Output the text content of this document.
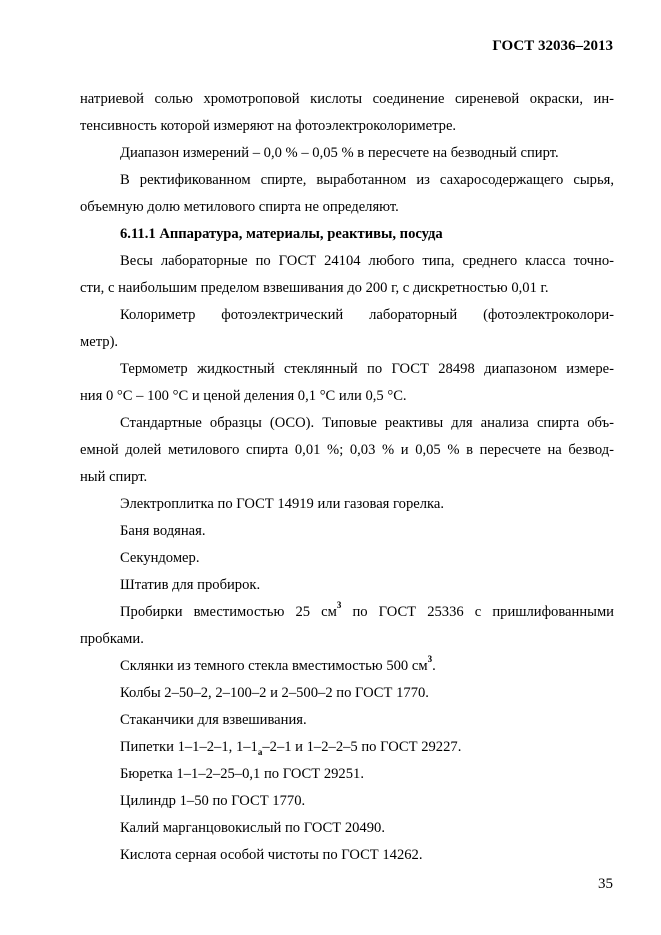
ГОСТ 32036–2013
натриевой солью хромотроповой кислоты соединение сиреневой окраски, ин-
тенсивность которой измеряют на фотоэлектроколориметре.
Диапазон измерений – 0,0 % – 0,05 % в пересчете на безводный спирт.
В ректификованном спирте, выработанном из сахаросодержащего сырья,
объемную долю метилового спирта не определяют.
6.11.1 Аппаратура, материалы, реактивы, посуда
Весы лабораторные по ГОСТ 24104 любого типа, среднего класса точно-
сти, с наибольшим пределом взвешивания до 200 г, с дискретностью 0,01 г.
Колориметр фотоэлектрический лабораторный (фотоэлектроколори-
метр).
Термометр жидкостный стеклянный по ГОСТ 28498 диапазоном измере-
ния 0 °С – 100 °С и ценой деления 0,1 °С или 0,5 °С.
Стандартные образцы (ОСО). Типовые реактивы для анализа спирта объ-
емной долей метилового спирта 0,01 %; 0,03 % и 0,05 % в пересчете на безвод-
ный спирт.
Электроплитка по ГОСТ 14919 или газовая горелка.
Баня водяная.
Секундомер.
Штатив для пробирок.
Пробирки вместимостью 25 $см^3$ по ГОСТ 25336 с пришлифованными
пробками.
Склянки из темного стекла вместимостью 500 $см^3$.
Колбы 2–50–2, 2–100–2 и 2–500–2 по ГОСТ 1770.
Стаканчики для взвешивания.
Пипетки 1–1–2–1, $1-1_а-2-1$ и 1–2–2–5 по ГОСТ 29227.
Бюретка 1–1–2–25–0,1 по ГОСТ 29251.
Цилиндр 1–50 по ГОСТ 1770.
Калий марганцовокислый по ГОСТ 20490.
Кислота серная особой чистоты по ГОСТ 14262.
35
